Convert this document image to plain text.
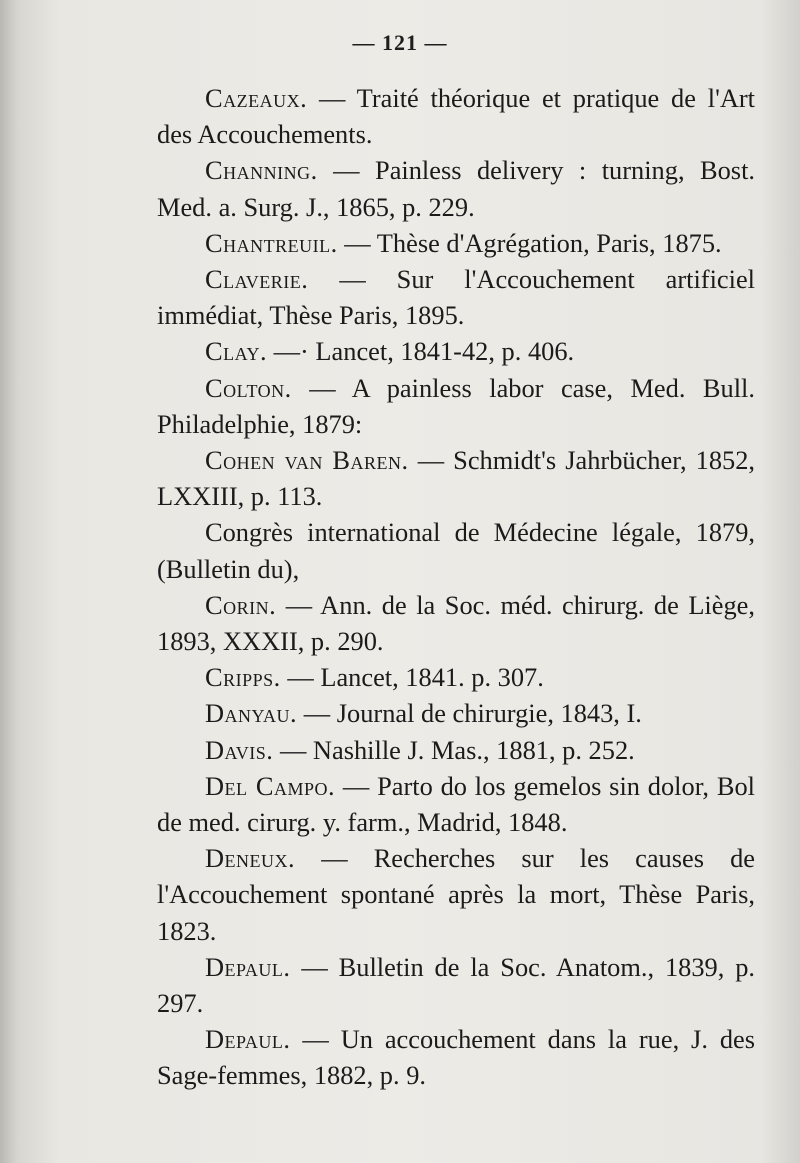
— 121 —

Cazeaux. — Traité théorique et pratique de l'Art des Accouchements.

Channing. — Painless delivery : turning, Bost. Med. a. Surg. J., 1865, p. 229.

Chantreuil. — Thèse d'Agrégation, Paris, 1875.

Claverie. — Sur l'Accouchement artificiel immédiat, Thèse Paris, 1895.

Clay. —· Lancet, 1841-42, p. 406.

Colton. — A painless labor case, Med. Bull. Philadelphie, 1879:

Cohen van Baren. — Schmidt's Jahrbücher, 1852, LXXIII, p. 113.

Congrès international de Médecine légale, 1879, (Bulletin du),

Corin. — Ann. de la Soc. méd. chirurg. de Liège, 1893, XXXII, p. 290.

Cripps. — Lancet, 1841. p. 307.

Danyau. — Journal de chirurgie, 1843, I.

Davis. — Nashille J. Mas., 1881, p. 252.

Del Campo. — Parto do los gemelos sin dolor, Bol de med. cirurg. y. farm., Madrid, 1848.

Deneux. — Recherches sur les causes de l'Accouchement spontané après la mort, Thèse Paris, 1823.

Depaul. — Bulletin de la Soc. Anatom., 1839, p. 297.

Depaul. — Un accouchement dans la rue, J. des Sage-femmes, 1882, p. 9.
